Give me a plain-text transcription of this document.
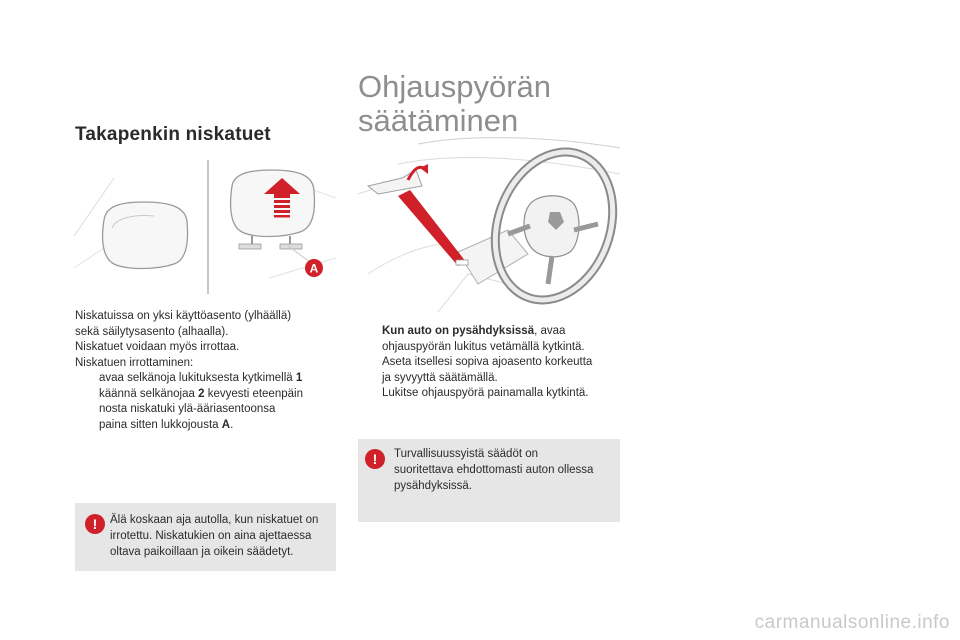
Takapenkin niskatuet
A
Niskatuissa on yksi käyttöasento (ylhäällä)
sekä säilytysasento (alhaalla).
Niskatuet voidaan myös irrottaa.
Niskatuen irrottaminen:
avaa selkänoja lukituksesta kytkimellä 1
käännä selkänojaa 2 kevyesti eteenpäin
nosta niskatuki ylä-ääriasentoonsa
paina sitten lukkojousta A.
! Älä koskaan aja autolla, kun niskatuet on
irrotettu. Niskatukien on aina ajettaessa
oltava paikoillaan ja oikein säädetyt.
Ohjauspyörän
säätäminen
Kun auto on pysähdyksissä, avaa
ohjauspyörän lukitus vetämällä kytkintä.
Aseta itsellesi sopiva ajoasento korkeutta
ja syvyyttä säätämällä.
Lukitse ohjauspyörä painamalla kytkintä.
! Turvallisuussyistä säädöt on
suoritettava ehdottomasti auton ollessa
pysähdyksissä.
carmanualsonline.info
